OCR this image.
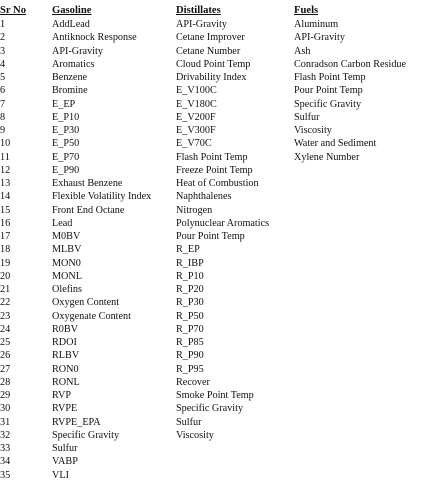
Sr No	Gasoline	Distillates	Fuels
1	AddLead	API-Gravity	Aluminum
2	Antiknock Response	Cetane Improver	API-Gravity
3	API-Gravity	Cetane Number	Ash
4	Aromatics	Cloud Point Temp	Conradson Carbon Residue
5	Benzene	Drivability Index	Flash Point Temp
6	Bromine	E_V100C	Pour Point Temp
7	E_EP	E_V180C	Specific Gravity
8	E_P10	E_V200F	Sulfur
9	E_P30	E_V300F	Viscosity
10	E_P50	E_V70C	Water and Sediment
11	E_P70	Flash Point Temp	Xylene Number
12	E_P90	Freeze Point Temp	
13	Exhaust Benzene	Heat of Combustion	
14	Flexible Volatility Index	Naphthalenes	
15	Front End Octane	Nitrogen	
16	Lead	Polynuclear Aromatics	
17	M0BV	Pour Point Temp	
18	MLBV	R_EP	
19	MON0	R_IBP	
20	MONL	R_P10	
21	Olefins	R_P20	
22	Oxygen Content	R_P30	
23	Oxygenate Content	R_P50	
24	R0BV	R_P70	
25	RDOI	R_P85	
26	RLBV	R_P90	
27	RON0	R_P95	
28	RONL	Recover	
29	RVP	Smoke Point Temp	
30	RVPE	Specific Gravity	
31	RVPE_EPA	Sulfur	
32	Specific Gravity	Viscosity	
33	Sulfur		
34	VABP		
35	VLI		
